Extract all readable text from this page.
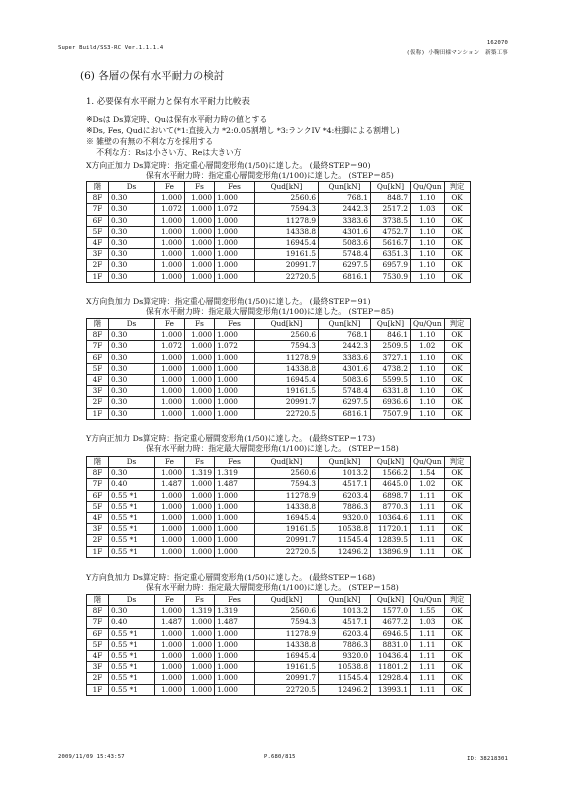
Super Build/SS3-RC Ver.1.1.1.4
162070
(仮称) 小鞠田様マンション　新築工事
(6) 各層の保有水平耐力の検討
1. 必要保有水平耐力と保有水平耐力比較表
※Dsは Ds算定時、Quは保有水平耐力時の値とする
※Ds, Fes, Qudにおいて(*1:直接入力 *2:0.05割増し *3:ランクIV *4:柱脚による割増し)
※ 雑壁の有無の不利な方を採用する
　 不利な方：Rsは小さい方、Reは大きい方
X方向正加力 Ds算定時：指定重心層間変形角(1/50)に達した。 (最終STEP＝90)
保有水平耐力時：指定重心層間変形角(1/100)に達した。 (STEP＝85)
階	Ds	Fe	Fs	Fes	Qud[kN]	Qun[kN]	Qu[kN]	Qu/Qun	判定
8F	0.30	1.000	1.000	1.000	2560.6	768.1	848.7	1.10	OK
7F	0.30	1.072	1.000	1.072	7594.3	2442.3	2517.2	1.03	OK
6F	0.30	1.000	1.000	1.000	11278.9	3383.6	3738.5	1.10	OK
5F	0.30	1.000	1.000	1.000	14338.8	4301.6	4752.7	1.10	OK
4F	0.30	1.000	1.000	1.000	16945.4	5083.6	5616.7	1.10	OK
3F	0.30	1.000	1.000	1.000	19161.5	5748.4	6351.3	1.10	OK
2F	0.30	1.000	1.000	1.000	20991.7	6297.5	6957.9	1.10	OK
1F	0.30	1.000	1.000	1.000	22720.5	6816.1	7530.9	1.10	OK
X方向負加力 Ds算定時：指定重心層間変形角(1/50)に達した。 (最終STEP＝91)
保有水平耐力時：指定最大層間変形角(1/100)に達した。 (STEP＝85)
階	Ds	Fe	Fs	Fes	Qud[kN]	Qun[kN]	Qu[kN]	Qu/Qun	判定
8F	0.30	1.000	1.000	1.000	2560.6	768.1	846.1	1.10	OK
7F	0.30	1.072	1.000	1.072	7594.3	2442.3	2509.5	1.02	OK
6F	0.30	1.000	1.000	1.000	11278.9	3383.6	3727.1	1.10	OK
5F	0.30	1.000	1.000	1.000	14338.8	4301.6	4738.2	1.10	OK
4F	0.30	1.000	1.000	1.000	16945.4	5083.6	5599.5	1.10	OK
3F	0.30	1.000	1.000	1.000	19161.5	5748.4	6331.8	1.10	OK
2F	0.30	1.000	1.000	1.000	20991.7	6297.5	6936.6	1.10	OK
1F	0.30	1.000	1.000	1.000	22720.5	6816.1	7507.9	1.10	OK
Y方向正加力 Ds算定時：指定重心層間変形角(1/50)に達した。 (最終STEP＝173)
保有水平耐力時：指定最大層間変形角(1/100)に達した。 (STEP＝158)
階	Ds	Fe	Fs	Fes	Qud[kN]	Qun[kN]	Qu[kN]	Qu/Qun	判定
8F	0.30	1.000	1.319	1.319	2560.6	1013.2	1566.2	1.54	OK
7F	0.40	1.487	1.000	1.487	7594.3	4517.1	4645.0	1.02	OK
6F	0.55 *1	1.000	1.000	1.000	11278.9	6203.4	6898.7	1.11	OK
5F	0.55 *1	1.000	1.000	1.000	14338.8	7886.3	8770.3	1.11	OK
4F	0.55 *1	1.000	1.000	1.000	16945.4	9320.0	10364.6	1.11	OK
3F	0.55 *1	1.000	1.000	1.000	19161.5	10538.8	11720.1	1.11	OK
2F	0.55 *1	1.000	1.000	1.000	20991.7	11545.4	12839.5	1.11	OK
1F	0.55 *1	1.000	1.000	1.000	22720.5	12496.2	13896.9	1.11	OK
Y方向負加力 Ds算定時：指定重心層間変形角(1/50)に達した。 (最終STEP＝168)
保有水平耐力時：指定最大層間変形角(1/100)に達した。 (STEP＝158)
階	Ds	Fe	Fs	Fes	Qud[kN]	Qun[kN]	Qu[kN]	Qu/Qun	判定
8F	0.30	1.000	1.319	1.319	2560.6	1013.2	1577.0	1.55	OK
7F	0.40	1.487	1.000	1.487	7594.3	4517.1	4677.2	1.03	OK
6F	0.55 *1	1.000	1.000	1.000	11278.9	6203.4	6946.5	1.11	OK
5F	0.55 *1	1.000	1.000	1.000	14338.8	7886.3	8831.0	1.11	OK
4F	0.55 *1	1.000	1.000	1.000	16945.4	9320.0	10436.4	1.11	OK
3F	0.55 *1	1.000	1.000	1.000	19161.5	10538.8	11801.2	1.11	OK
2F	0.55 *1	1.000	1.000	1.000	20991.7	11545.4	12928.4	1.11	OK
1F	0.55 *1	1.000	1.000	1.000	22720.5	12496.2	13993.1	1.11	OK
2009/11/09 15:43:57	P.680/815	ID：38218301
